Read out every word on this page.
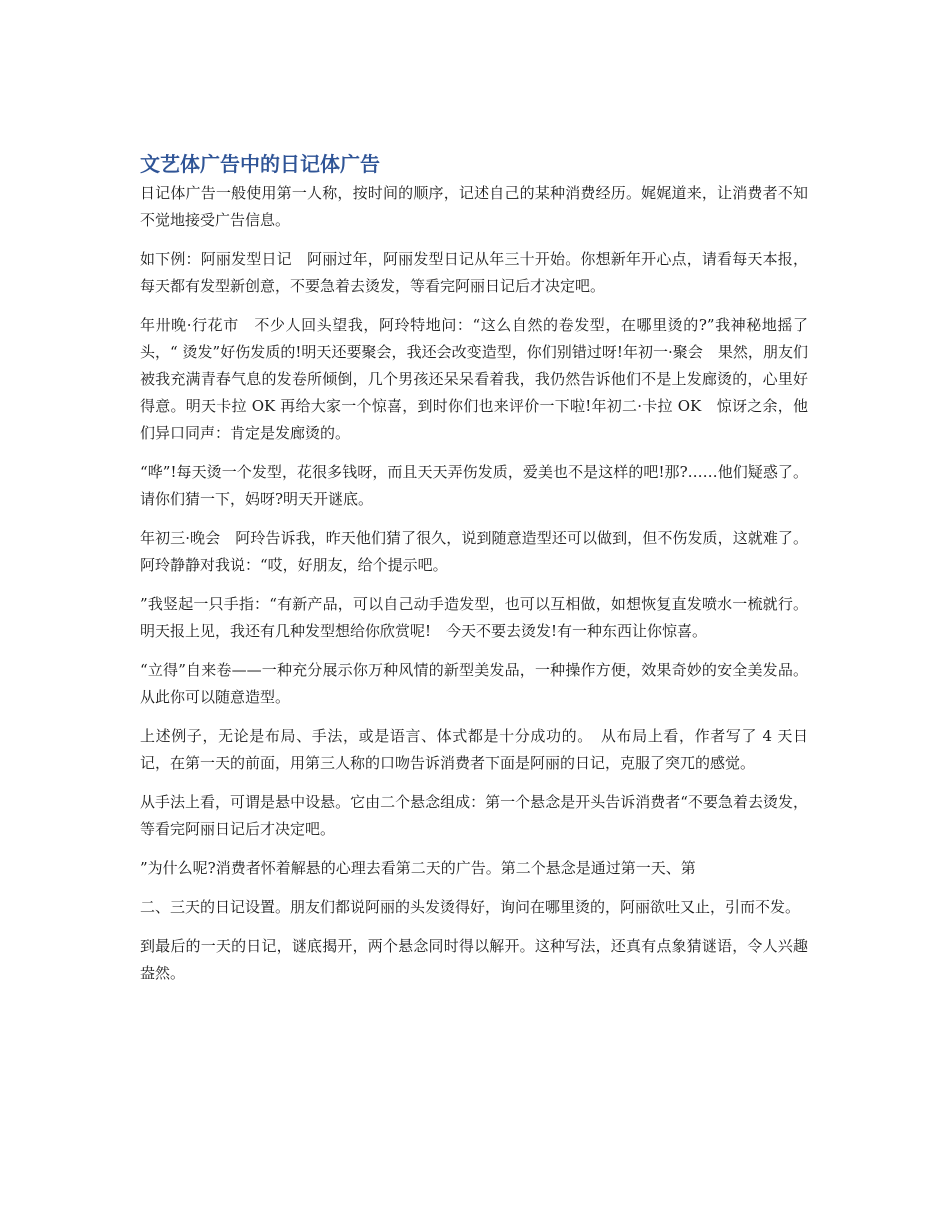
文艺体广告中的日记体广告

日记体广告一般使用第一人称，按时间的顺序，记述自己的某种消费经历。娓娓道来，让消费者不知不觉地接受广告信息。

如下例：阿丽发型日记　阿丽过年，阿丽发型日记从年三十开始。你想新年开心点，请看每天本报，每天都有发型新创意，不要急着去烫发，等看完阿丽日记后才决定吧。

年卅晚·行花市　不少人回头望我，阿玲特地问：“这么自然的卷发型，在哪里烫的?”我神秘地摇了头，“ 烫发”好伤发质的!明天还要聚会，我还会改变造型，你们别错过呀!年初一·聚会　果然，朋友们被我充满青春气息的发卷所倾倒，几个男孩还呆呆看着我，我仍然告诉他们不是上发廊烫的，心里好得意。明天卡拉 OK 再给大家一个惊喜，到时你们也来评价一下啦!年初二·卡拉 OK　惊讶之余，他们异口同声：肯定是发廊烫的。

“哗”!每天烫一个发型，花很多钱呀，而且天天弄伤发质，爱美也不是这样的吧!那?……他们疑惑了。请你们猜一下，妈呀?明天开谜底。

年初三·晚会　阿玲告诉我，昨天他们猜了很久，说到随意造型还可以做到，但不伤发质，这就难了。阿玲静静对我说：“哎，好朋友，给个提示吧。

”我竖起一只手指：“有新产品，可以自己动手造发型，也可以互相做，如想恢复直发喷水一梳就行。明天报上见，我还有几种发型想给你欣赏呢!　今天不要去烫发!有一种东西让你惊喜。

“立得”自来卷——一种充分展示你万种风情的新型美发品，一种操作方便，效果奇妙的安全美发品。从此你可以随意造型。

上述例子，无论是布局、手法，或是语言、体式都是十分成功的。　从布局上看，作者写了 4 天日记，在第一天的前面，用第三人称的口吻告诉消费者下面是阿丽的日记，克服了突兀的感觉。

从手法上看，可谓是悬中设悬。它由二个悬念组成：第一个悬念是开头告诉消费者“不要急着去烫发，等看完阿丽日记后才决定吧。

”为什么呢?消费者怀着解悬的心理去看第二天的广告。第二个悬念是通过第一天、第

二、三天的日记设置。朋友们都说阿丽的头发烫得好，询问在哪里烫的，阿丽欲吐又止，引而不发。

到最后的一天的日记，谜底揭开，两个悬念同时得以解开。这种写法，还真有点象猜谜语，令人兴趣盎然。
